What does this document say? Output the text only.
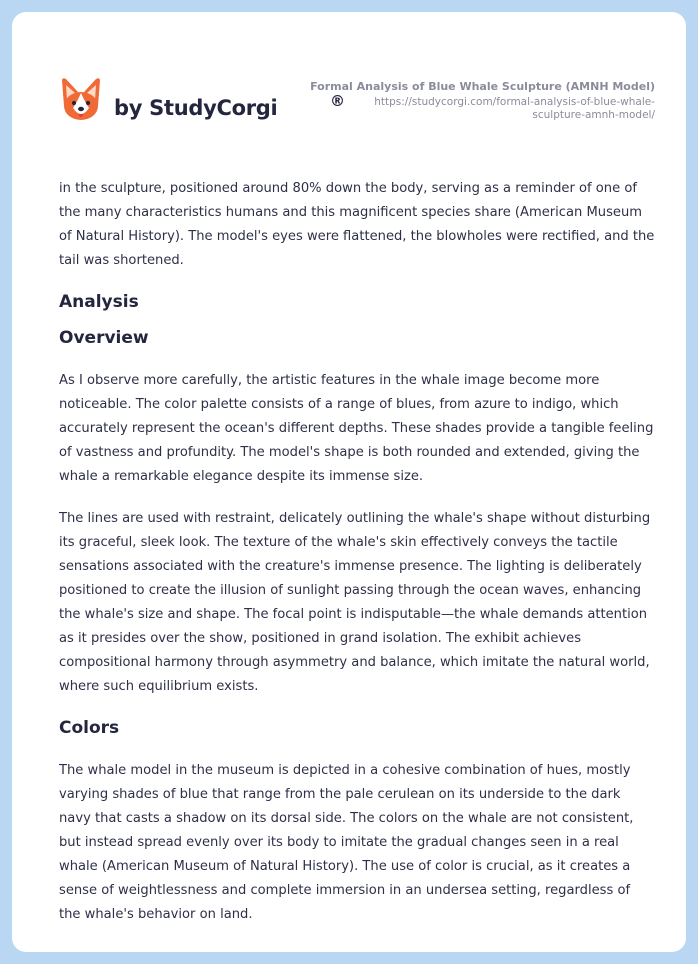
by StudyCorgi	®
Formal Analysis of Blue Whale Sculpture (AMNH Model)
https://studycorgi.com/formal-analysis-of-blue-whale-
sculpture-amnh-model/

in the sculpture, positioned around 80% down the body, serving as a reminder of one of the many characteristics humans and this magnificent species share (American Museum of Natural History). The model's eyes were flattened, the blowholes were rectified, and the tail was shortened.

Analysis
Overview

As I observe more carefully, the artistic features in the whale image become more noticeable. The color palette consists of a range of blues, from azure to indigo, which accurately represent the ocean's different depths. These shades provide a tangible feeling of vastness and profundity. The model's shape is both rounded and extended, giving the whale a remarkable elegance despite its immense size.

The lines are used with restraint, delicately outlining the whale's shape without disturbing its graceful, sleek look. The texture of the whale's skin effectively conveys the tactile sensations associated with the creature's immense presence. The lighting is deliberately positioned to create the illusion of sunlight passing through the ocean waves, enhancing the whale's size and shape. The focal point is indisputable—the whale demands attention as it presides over the show, positioned in grand isolation. The exhibit achieves compositional harmony through asymmetry and balance, which imitate the natural world, where such equilibrium exists.

Colors

The whale model in the museum is depicted in a cohesive combination of hues, mostly varying shades of blue that range from the pale cerulean on its underside to the dark navy that casts a shadow on its dorsal side. The colors on the whale are not consistent, but instead spread evenly over its body to imitate the gradual changes seen in a real whale (American Museum of Natural History). The use of color is crucial, as it creates a sense of weightlessness and complete immersion in an undersea setting, regardless of the whale's behavior on land.
